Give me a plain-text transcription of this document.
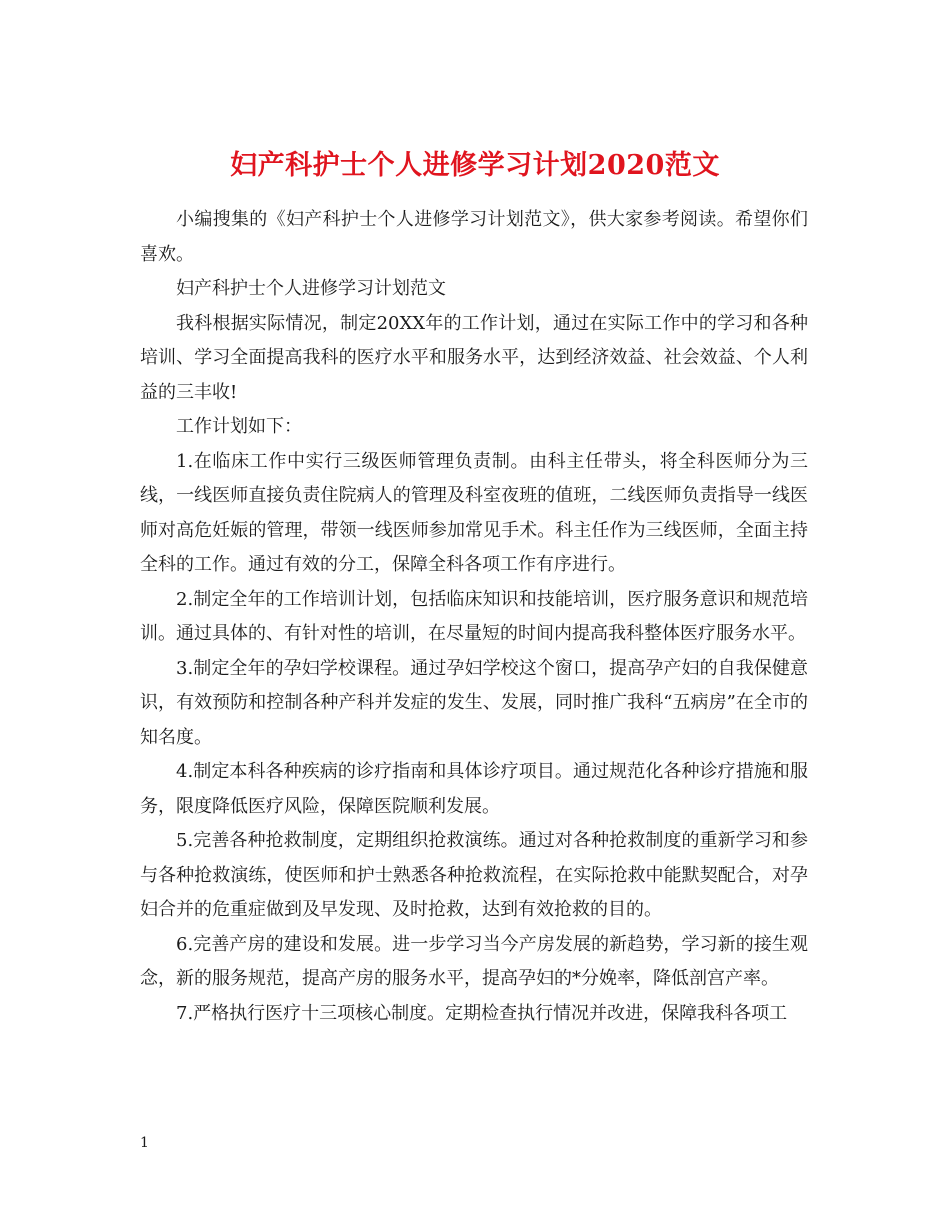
妇产科护士个人进修学习计划2020范文

小编搜集的《妇产科护士个人进修学习计划范文》，供大家参考阅读。希望你们喜欢。

妇产科护士个人进修学习计划范文

我科根据实际情况，制定20XX年的工作计划，通过在实际工作中的学习和各种培训、学习全面提高我科的医疗水平和服务水平，达到经济效益、社会效益、个人利益的三丰收!

工作计划如下：

1.在临床工作中实行三级医师管理负责制。由科主任带头，将全科医师分为三线，一线医师直接负责住院病人的管理及科室夜班的值班，二线医师负责指导一线医师对高危妊娠的管理，带领一线医师参加常见手术。科主任作为三线医师，全面主持全科的工作。通过有效的分工，保障全科各项工作有序进行。

2.制定全年的工作培训计划，包括临床知识和技能培训，医疗服务意识和规范培训。通过具体的、有针对性的培训，在尽量短的时间内提高我科整体医疗服务水平。

3.制定全年的孕妇学校课程。通过孕妇学校这个窗口，提高孕产妇的自我保健意识，有效预防和控制各种产科并发症的发生、发展，同时推广我科“五病房”在全市的知名度。

4.制定本科各种疾病的诊疗指南和具体诊疗项目。通过规范化各种诊疗措施和服务，限度降低医疗风险，保障医院顺利发展。

5.完善各种抢救制度，定期组织抢救演练。通过对各种抢救制度的重新学习和参与各种抢救演练，使医师和护士熟悉各种抢救流程，在实际抢救中能默契配合，对孕妇合并的危重症做到及早发现、及时抢救，达到有效抢救的目的。

6.完善产房的建设和发展。进一步学习当今产房发展的新趋势，学习新的接生观念，新的服务规范，提高产房的服务水平，提高孕妇的*分娩率，降低剖宫产率。

7.严格执行医疗十三项核心制度。定期检查执行情况并改进，保障我科各项工

1
